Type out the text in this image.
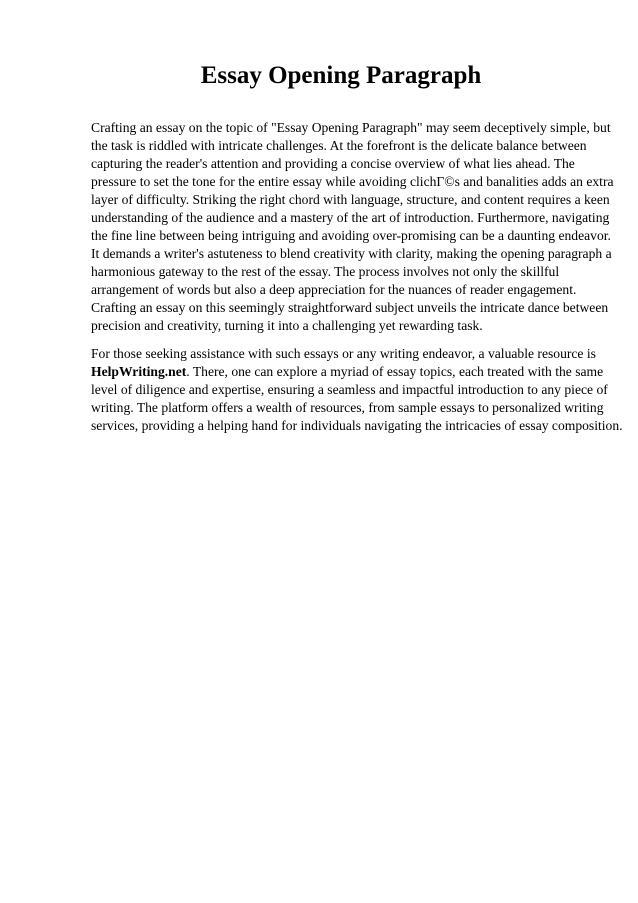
Essay Opening Paragraph

Crafting an essay on the topic of "Essay Opening Paragraph" may seem deceptively simple, but
the task is riddled with intricate challenges. At the forefront is the delicate balance between
capturing the reader's attention and providing a concise overview of what lies ahead. The
pressure to set the tone for the entire essay while avoiding clichГ©s and banalities adds an extra
layer of difficulty. Striking the right chord with language, structure, and content requires a keen
understanding of the audience and a mastery of the art of introduction. Furthermore, navigating
the fine line between being intriguing and avoiding over-promising can be a daunting endeavor.
It demands a writer's astuteness to blend creativity with clarity, making the opening paragraph a
harmonious gateway to the rest of the essay. The process involves not only the skillful
arrangement of words but also a deep appreciation for the nuances of reader engagement.
Crafting an essay on this seemingly straightforward subject unveils the intricate dance between
precision and creativity, turning it into a challenging yet rewarding task.

For those seeking assistance with such essays or any writing endeavor, a valuable resource is
HelpWriting.net. There, one can explore a myriad of essay topics, each treated with the same
level of diligence and expertise, ensuring a seamless and impactful introduction to any piece of
writing. The platform offers a wealth of resources, from sample essays to personalized writing
services, providing a helping hand for individuals navigating the intricacies of essay composition.
